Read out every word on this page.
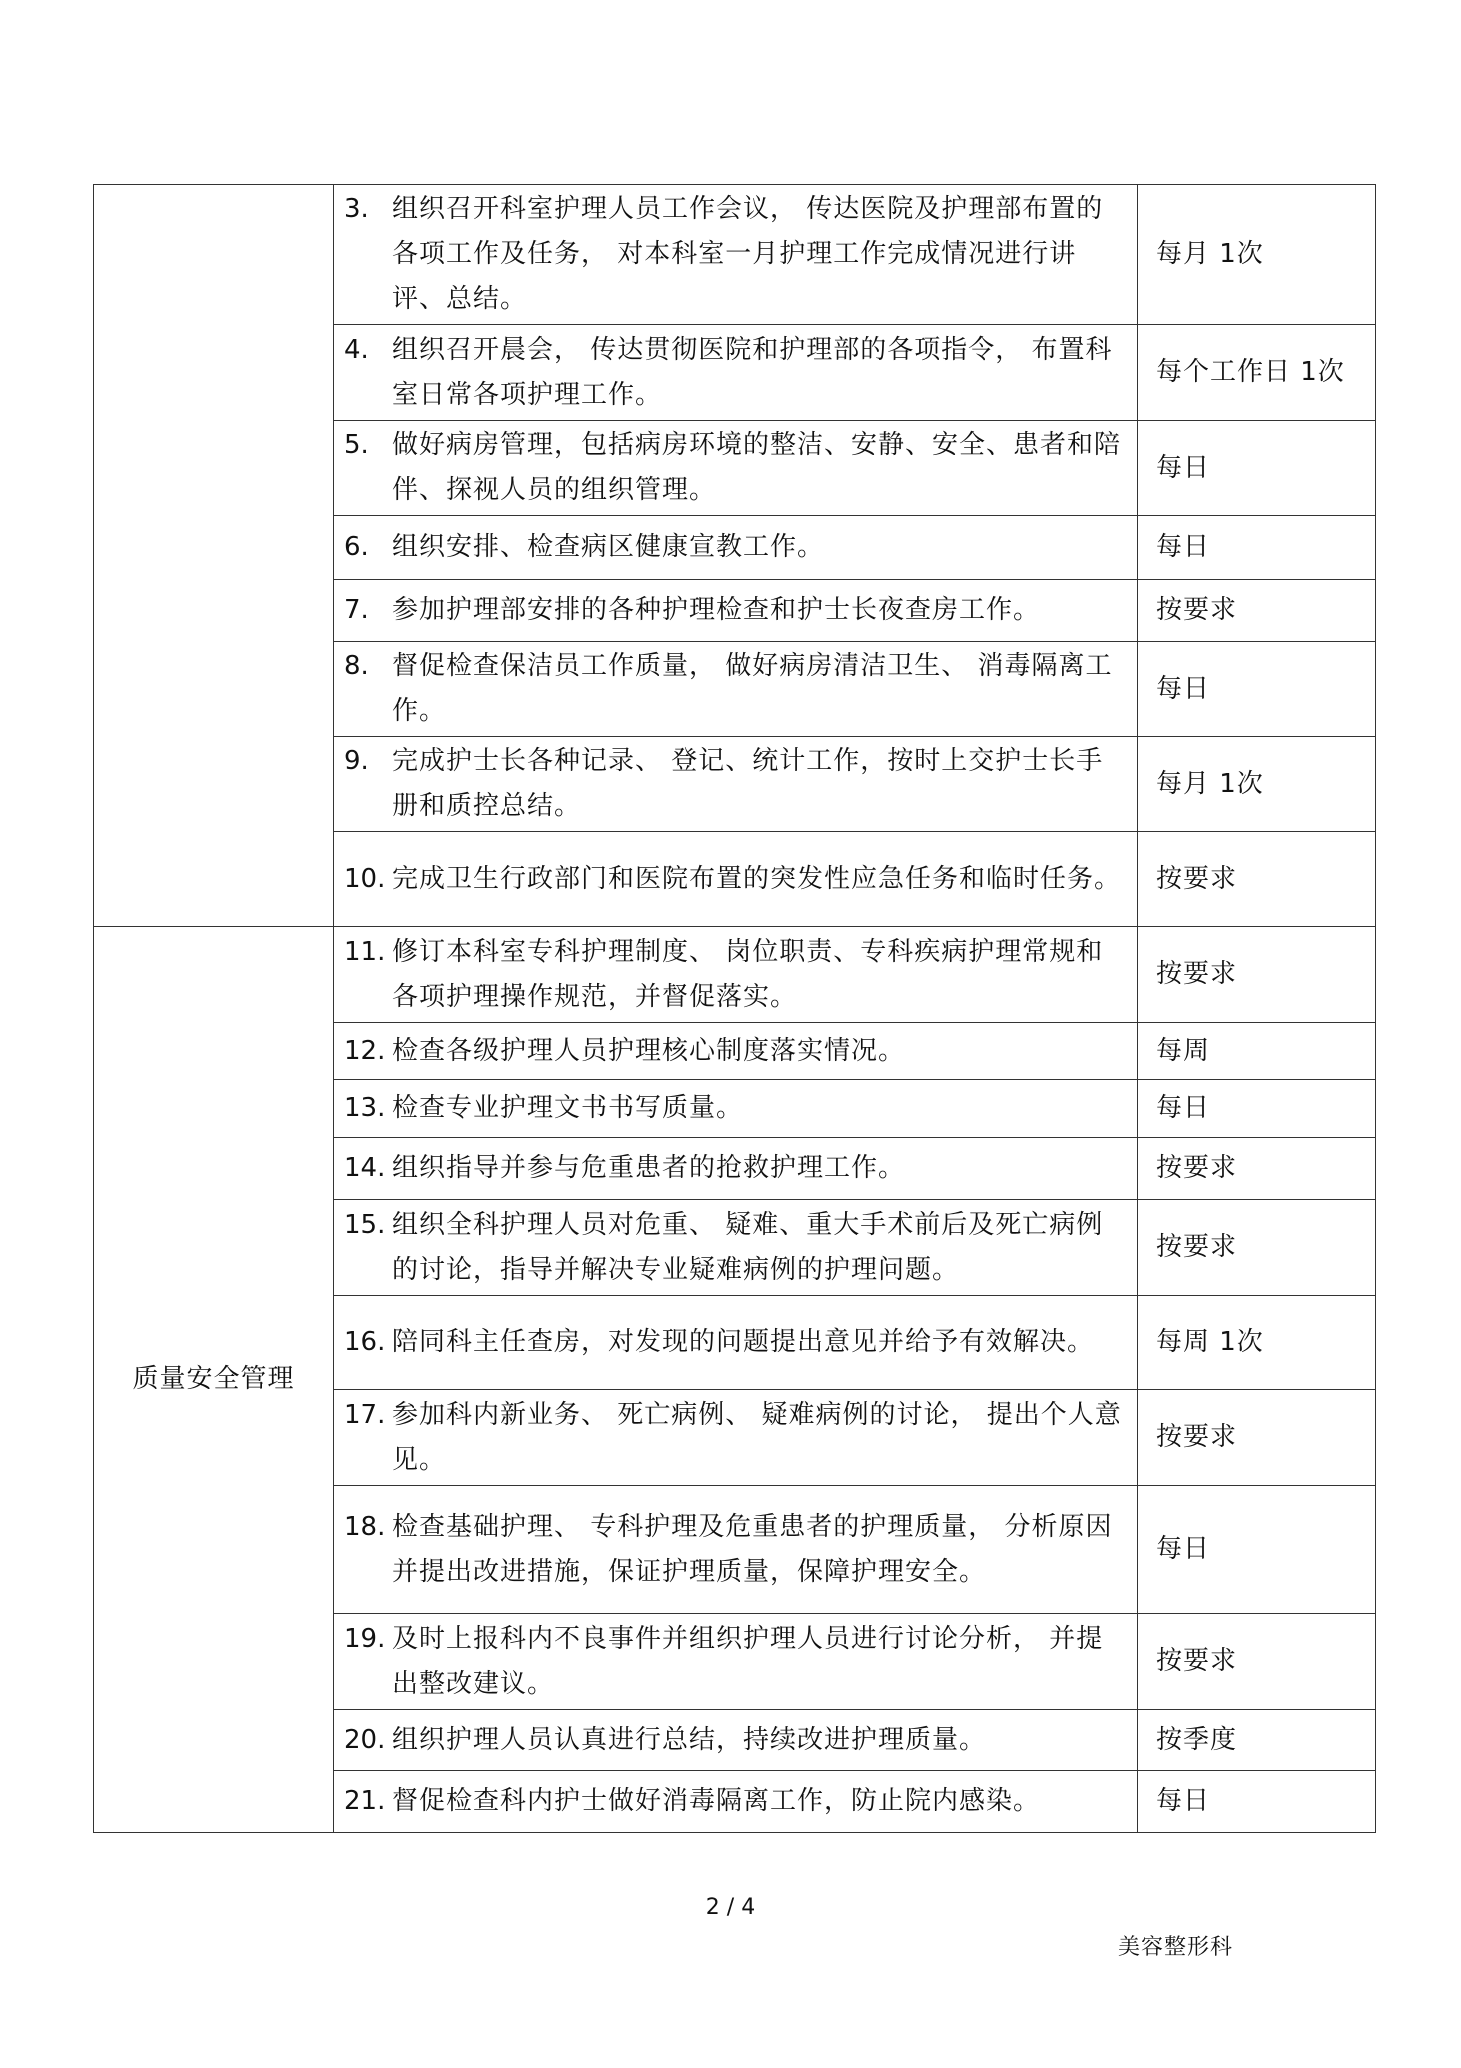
	3. 组织召开科室护理人员工作会议， 传达医院及护理部布置的各项工作及任务， 对本科室一月护理工作完成情况进行讲评、总结。	每月 1次

	4. 组织召开晨会， 传达贯彻医院和护理部的各项指令， 布置科室日常各项护理工作。	每个工作日 1次

	5. 做好病房管理，包括病房环境的整洁、安静、安全、患者和陪伴、探视人员的组织管理。	每日

	6. 组织安排、检查病区健康宣教工作。	每日

	7. 参加护理部安排的各种护理检查和护士长夜查房工作。	按要求

	8. 督促检查保洁员工作质量， 做好病房清洁卫生、 消毒隔离工作。	每日

	9. 完成护士长各种记录、 登记、统计工作，按时上交护士长手册和质控总结。	每月 1次

	10. 完成卫生行政部门和医院布置的突发性应急任务和临时任务。	按要求
质量安全管理	11. 修订本科室专科护理制度、 岗位职责、专科疾病护理常规和各项护理操作规范，并督促落实。	按要求

	12. 检查各级护理人员护理核心制度落实情况。	每周

	13. 检查专业护理文书书写质量。	每日

	14. 组织指导并参与危重患者的抢救护理工作。	按要求

	15. 组织全科护理人员对危重、 疑难、重大手术前后及死亡病例的讨论，指导并解决专业疑难病例的护理问题。	按要求

	16. 陪同科主任查房，对发现的问题提出意见并给予有效解决。	每周 1次

	17. 参加科内新业务、 死亡病例、 疑难病例的讨论， 提出个人意见。	按要求

	18. 检查基础护理、 专科护理及危重患者的护理质量， 分析原因并提出改进措施，保证护理质量，保障护理安全。	每日

	19. 及时上报科内不良事件并组织护理人员进行讨论分析， 并提出整改建议。	按要求

	20. 组织护理人员认真进行总结，持续改进护理质量。	按季度

	21. 督促检查科内护士做好消毒隔离工作，防止院内感染。	每日
2 / 4
美容整形科
